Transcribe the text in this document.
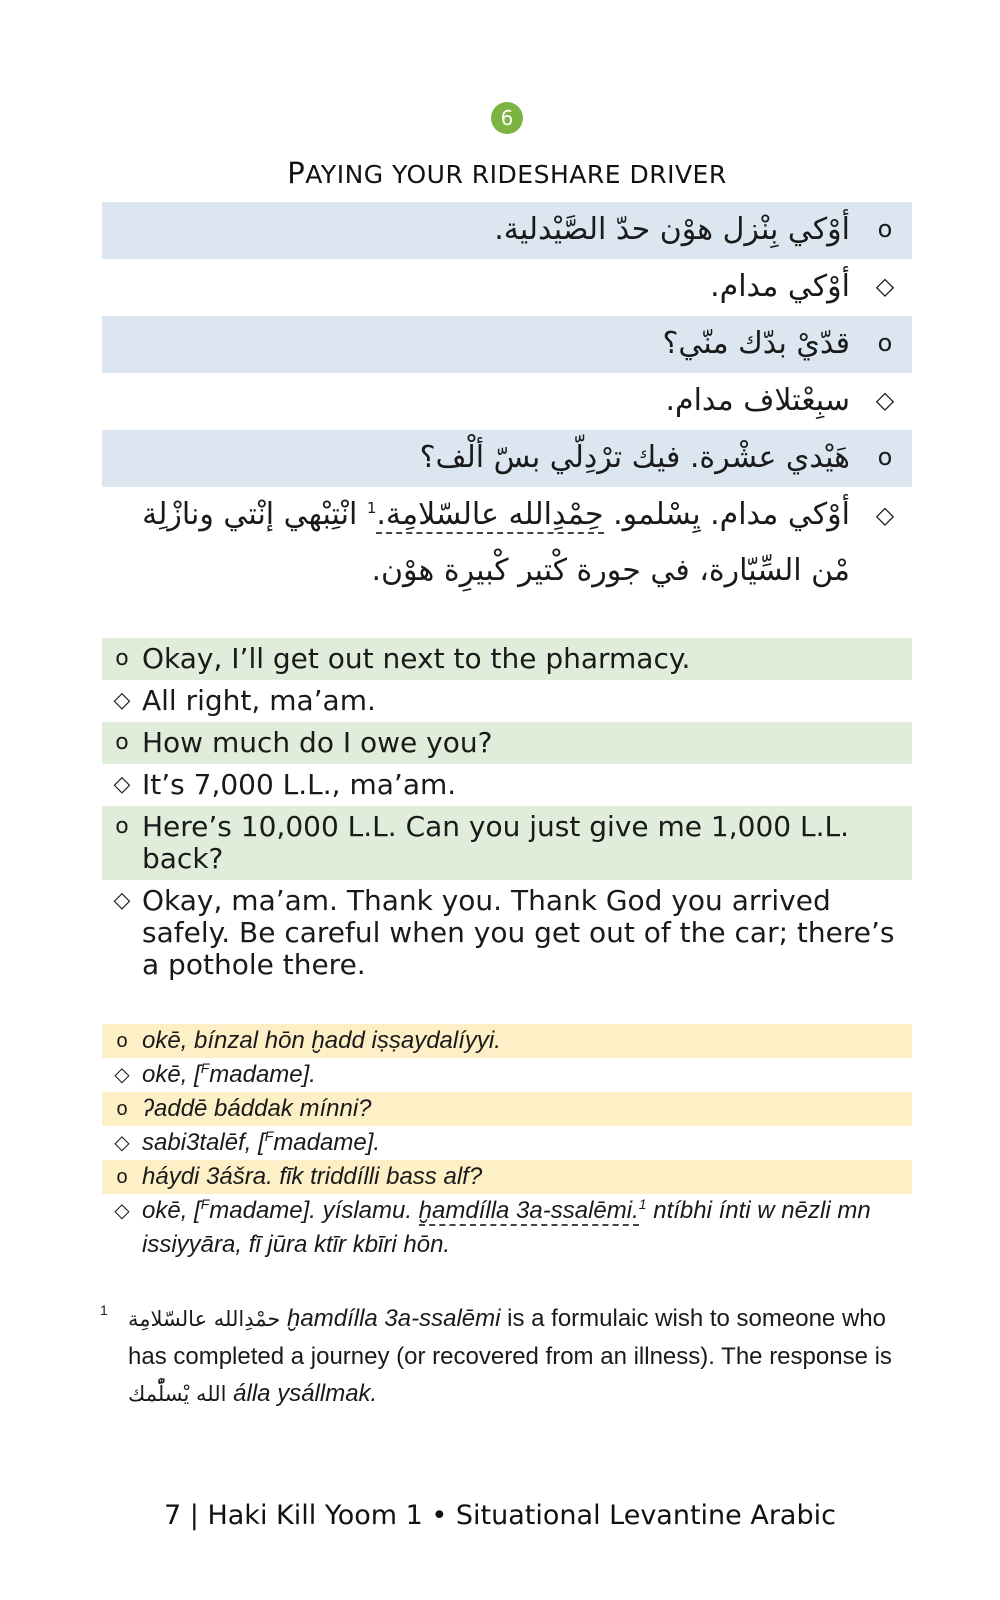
6
PAYING YOUR RIDESHARE DRIVER
o
أوْكي بِنْزل هوْن حدّ الصَّيْدلية.
◇
أوْكي مدام.
o
قدّيْ بدّك منّي؟
◇
سبِعْتلاف مدام.
o
هَيْدي عشْرة. فيك ترْدِلّي بسّ ألْف؟
◇
أوْكي مدام. يِسْلمو. حِمْدِالله عالسّلامِة.$^1$ انْتِبْهي إنْتي ونازْلِة مْن السِّيّارة، في جورة كْتير كْبيرِة هوْن.
o Okay, I’ll get out next to the pharmacy.
◇ All right, ma’am.
o How much do I owe you?
◇ It’s 7,000 L.L., ma’am.
o Here’s 10,000 L.L. Can you just give me 1,000 L.L. back?
◇ Okay, ma’am. Thank you. Thank God you arrived safely. Be careful when you get out of the car; there’s a pothole there.
o okē, bínzal hōn ḫadd iṣṣaydalíyyi.
◇ okē, [$^F$madame].
o ʔaddē báddak mínni?
◇ sabi3talēf, [$^F$madame].
o háydi 3ášra. fīk triddílli bass alf?
◇ okē, [$^F$madame]. yíslamu. ḫamdílla 3a-ssalēmi.$^1$ ntíbhi ínti w nēzli mn issiyyāra, fī jūra ktīr kbīri hōn.
1 حمْدِالله عالسّلامِة ḫamdílla 3a-ssalēmi is a formulaic wish to someone who has completed a journey (or recovered from an illness). The response is الله يْسلّْمك álla ysállmak.
7 | Haki Kill Yoom 1 • Situational Levantine Arabic
